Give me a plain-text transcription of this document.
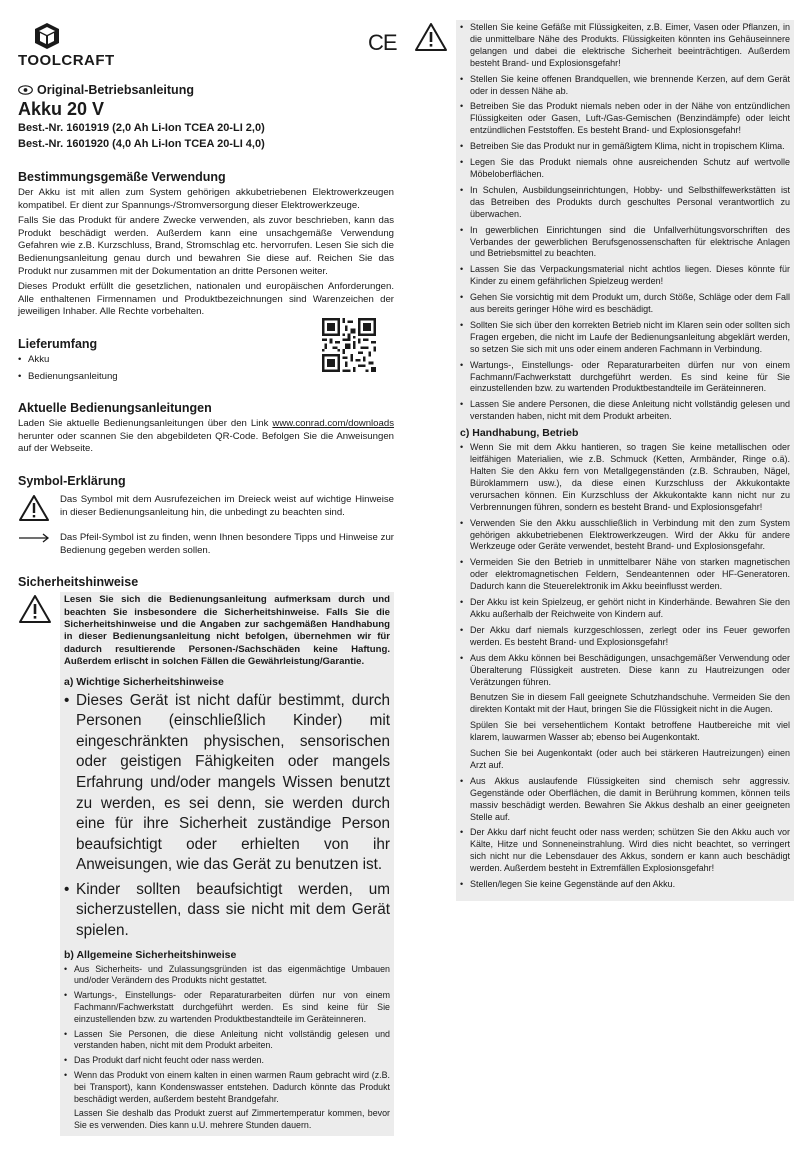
TOOLCRAFT
CE
Original-Betriebsanleitung
Akku 20 V
Best.-Nr. 1601919 (2,0 Ah Li-Ion TCEA 20-LI 2,0)
Best.-Nr. 1601920 (4,0 Ah Li-Ion TCEA 20-LI 4,0)
Bestimmungsgemäße Verwendung

Der Akku ist mit allen zum System gehörigen akkubetriebenen Elektrowerkzeugen kompatibel. Er dient zur Spannungs-/Stromversorgung dieser Elektrowerkzeuge.

Falls Sie das Produkt für andere Zwecke verwenden, als zuvor beschrieben, kann das Produkt beschädigt werden. Außerdem kann eine unsachgemäße Verwendung Gefahren wie z.B. Kurzschluss, Brand, Stromschlag etc. hervorrufen. Lesen Sie sich die Bedienungsanleitung genau durch und bewahren Sie diese auf. Reichen Sie das Produkt nur zusammen mit der Dokumentation an dritte Personen weiter.

Dieses Produkt erfüllt die gesetzlichen, nationalen und europäischen Anforderungen. Alle enthaltenen Firmennamen und Produktbezeichnungen sind Warenzeichen der jeweiligen Inhaber. Alle Rechte vorbehalten.

Lieferumfang
• Akku
• Bedienungsanleitung
Aktuelle Bedienungsanleitungen

Laden Sie aktuelle Bedienungsanleitungen über den Link www.conrad.com/downloads herunter oder scannen Sie den abgebildeten QR-Code. Befolgen Sie die Anweisungen auf der Webseite.

Symbol-Erklärung
Das Symbol mit dem Ausrufezeichen im Dreieck weist auf wichtige Hinweise in dieser Bedienungsanleitung hin, die unbedingt zu beachten sind.
Das Pfeil-Symbol ist zu finden, wenn Ihnen besondere Tipps und Hinweise zur Bedienung gegeben werden sollen.
Sicherheitshinweise
Lesen Sie sich die Bedienungsanleitung aufmerksam durch und beachten Sie insbesondere die Sicherheitshinweise. Falls Sie die Sicherheitshinweise und die Angaben zur sachgemäßen Handhabung in dieser Bedienungsanleitung nicht befolgen, übernehmen wir für dadurch resultierende Personen-/Sachschäden keine Haftung. Außerdem erlischt in solchen Fällen die Gewährleistung/Garantie.
a) Wichtige Sicherheitshinweise
• Dieses Gerät ist nicht dafür bestimmt, durch Personen (einschließlich Kinder) mit eingeschränkten physischen, sensorischen oder geistigen Fähigkeiten oder mangels Erfahrung und/oder mangels Wissen benutzt zu werden, es sei denn, sie werden durch eine für ihre Sicherheit zuständige Person beaufsichtigt oder erhielten von ihr Anweisungen, wie das Gerät zu benutzen ist.
• Kinder sollten beaufsichtigt werden, um sicherzustellen, dass sie nicht mit dem Gerät spielen.
b) Allgemeine Sicherheitshinweise
• Aus Sicherheits- und Zulassungsgründen ist das eigenmächtige Umbauen und/oder Verändern des Produkts nicht gestattet.
• Wartungs-, Einstellungs- oder Reparaturarbeiten dürfen nur von einem Fachmann/Fachwerkstatt durchgeführt werden. Es sind keine für Sie einzustellenden bzw. zu wartenden Produktbestandteile im Geräteinneren.
• Lassen Sie Personen, die diese Anleitung nicht vollständig gelesen und verstanden haben, nicht mit dem Produkt arbeiten.
• Das Produkt darf nicht feucht oder nass werden.
• Wenn das Produkt von einem kalten in einen warmen Raum gebracht wird (z.B. bei Transport), kann Kondenswasser entstehen. Dadurch könnte das Produkt beschädigt werden, außerdem besteht Brandgefahr.
Lassen Sie deshalb das Produkt zuerst auf Zimmertemperatur kommen, bevor Sie es verwenden. Dies kann u.U. mehrere Stunden dauern.
• Stellen Sie keine Gefäße mit Flüssigkeiten, z.B. Eimer, Vasen oder Pflanzen, in die unmittelbare Nähe des Produkts. Flüssigkeiten könnten ins Gehäuseinnere gelangen und dabei die elektrische Sicherheit beeinträchtigen. Außerdem besteht Brand- und Explosionsgefahr!
• Stellen Sie keine offenen Brandquellen, wie brennende Kerzen, auf dem Gerät oder in dessen Nähe ab.
• Betreiben Sie das Produkt niemals neben oder in der Nähe von entzündlichen Flüssigkeiten oder Gasen, Luft-/Gas-Gemischen (Benzindämpfe) oder leicht entzündlichen Feststoffen. Es besteht Brand- und Explosionsgefahr!
• Betreiben Sie das Produkt nur in gemäßigtem Klima, nicht in tropischem Klima.
• Legen Sie das Produkt niemals ohne ausreichenden Schutz auf wertvolle Möbeloberflächen.
• In Schulen, Ausbildungseinrichtungen, Hobby- und Selbsthilfewerkstätten ist das Betreiben des Produkts durch geschultes Personal verantwortlich zu überwachen.
• In gewerblichen Einrichtungen sind die Unfallverhütungsvorschriften des Verbandes der gewerblichen Berufsgenossenschaften für elektrische Anlagen und Betriebsmittel zu beachten.
• Lassen Sie das Verpackungsmaterial nicht achtlos liegen. Dieses könnte für Kinder zu einem gefährlichen Spielzeug werden!
• Gehen Sie vorsichtig mit dem Produkt um, durch Stöße, Schläge oder dem Fall aus bereits geringer Höhe wird es beschädigt.
• Sollten Sie sich über den korrekten Betrieb nicht im Klaren sein oder sollten sich Fragen ergeben, die nicht im Laufe der Bedienungsanleitung abgeklärt werden, so setzen Sie sich mit uns oder einem anderen Fachmann in Verbindung.
• Wartungs-, Einstellungs- oder Reparaturarbeiten dürfen nur von einem Fachmann/Fachwerkstatt durchgeführt werden. Es sind keine für Sie einzustellenden bzw. zu wartenden Produktbestandteile im Geräteinneren.
• Lassen Sie andere Personen, die diese Anleitung nicht vollständig gelesen und verstanden haben, nicht mit dem Produkt arbeiten.
c) Handhabung, Betrieb
• Wenn Sie mit dem Akku hantieren, so tragen Sie keine metallischen oder leitfähigen Materialien, wie z.B. Schmuck (Ketten, Armbänder, Ringe o.ä). Halten Sie den Akku fern von Metallgegenständen (z.B. Schrauben, Nägel, Büroklammern usw.), da diese einen Kurzschluss der Akkukontakte verursachen können. Ein Kurzschluss der Akkukontakte kann nicht nur zu Verbrennungen führen, sondern es besteht Brand- und Explosionsgefahr!
• Verwenden Sie den Akku ausschließlich in Verbindung mit den zum System gehörigen akkubetriebenen Elektrowerkzeugen. Wird der Akku für andere Werkzeuge oder Geräte verwendet, besteht Brand- und Explosionsgefahr.
• Vermeiden Sie den Betrieb in unmittelbarer Nähe von starken magnetischen oder elektromagnetischen Feldern, Sendeantennen oder HF-Generatoren. Dadurch kann die Steuerelektronik im Akku beeinflusst werden.
• Der Akku ist kein Spielzeug, er gehört nicht in Kinderhände. Bewahren Sie den Akku außerhalb der Reichweite von Kindern auf.
• Der Akku darf niemals kurzgeschlossen, zerlegt oder ins Feuer geworfen werden. Es besteht Brand- und Explosionsgefahr!
• Aus dem Akku können bei Beschädigungen, unsachgemäßer Verwendung oder Überalterung Flüssigkeit austreten. Diese kann zu Hautreizungen oder Verätzungen führen.

Benutzen Sie in diesem Fall geeignete Schutzhandschuhe. Vermeiden Sie den direkten Kontakt mit der Haut, bringen Sie die Flüssigkeit nicht in die Augen.

Spülen Sie bei versehentlichem Kontakt betroffene Hautbereiche mit viel klarem, lauwarmen Wasser ab; ebenso bei Augenkontakt.

Suchen Sie bei Augenkontakt (oder auch bei stärkeren Hautreizungen) einen Arzt auf.

• Aus Akkus auslaufende Flüssigkeiten sind chemisch sehr aggressiv. Gegenstände oder Oberflächen, die damit in Berührung kommen, können teils massiv beschädigt werden. Bewahren Sie Akkus deshalb an einer geeigneten Stelle auf.
• Der Akku darf nicht feucht oder nass werden; schützen Sie den Akku auch vor Kälte, Hitze und Sonneneinstrahlung. Wird dies nicht beachtet, so verringert sich nicht nur die Lebensdauer des Akkus, sondern er kann auch beschädigt werden. Außerdem besteht in Extremfällen Explosionsgefahr!
• Stellen/legen Sie keine Gegenstände auf den Akku.
